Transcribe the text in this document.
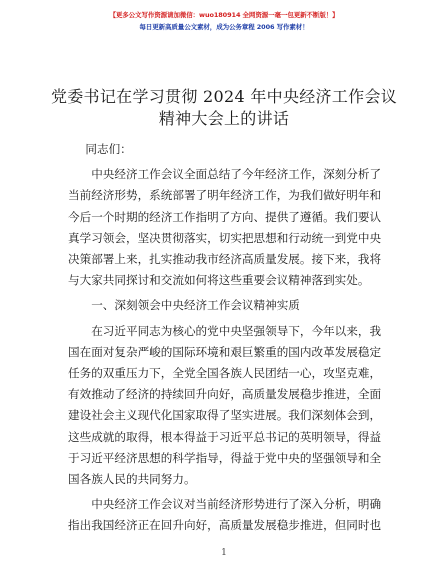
【更多公文写作资源请加微信：wuo180914 全网资源一毫一包更新不断版！】
每日更新高质量公文素材，成为公务章程 2006 写作素材！
党委书记在学习贯彻 2024 年中央经济工作会议
精神大会上的讲话

同志们：

中央经济工作会议全面总结了今年经济工作，深刻分析了当前经济形势，系统部署了明年经济工作，为我们做好明年和今后一个时期的经济工作指明了方向、提供了遵循。我们要认真学习领会，坚决贯彻落实，切实把思想和行动统一到党中央决策部署上来，扎实推动我市经济高质量发展。接下来，我将与大家共同探讨和交流如何将这些重要会议精神落到实处。

一、深刻领会中央经济工作会议精神实质

在习近平同志为核心的党中央坚强领导下，今年以来，我国在面对复杂严峻的国际环境和艰巨繁重的国内改革发展稳定任务的双重压力下，全党全国各族人民团结一心，攻坚克难，有效推动了经济的持续回升向好，高质量发展稳步推进，全面建设社会主义现代化国家取得了坚实进展。我们深刻体会到，这些成就的取得，根本得益于习近平总书记的英明领导，得益于习近平经济思想的科学指导，得益于党中央的坚强领导和全国各族人民的共同努力。

中央经济工作会议对当前经济形势进行了深入分析，明确指出我国经济正在回升向好，高质量发展稳步推进，但同时也

1
